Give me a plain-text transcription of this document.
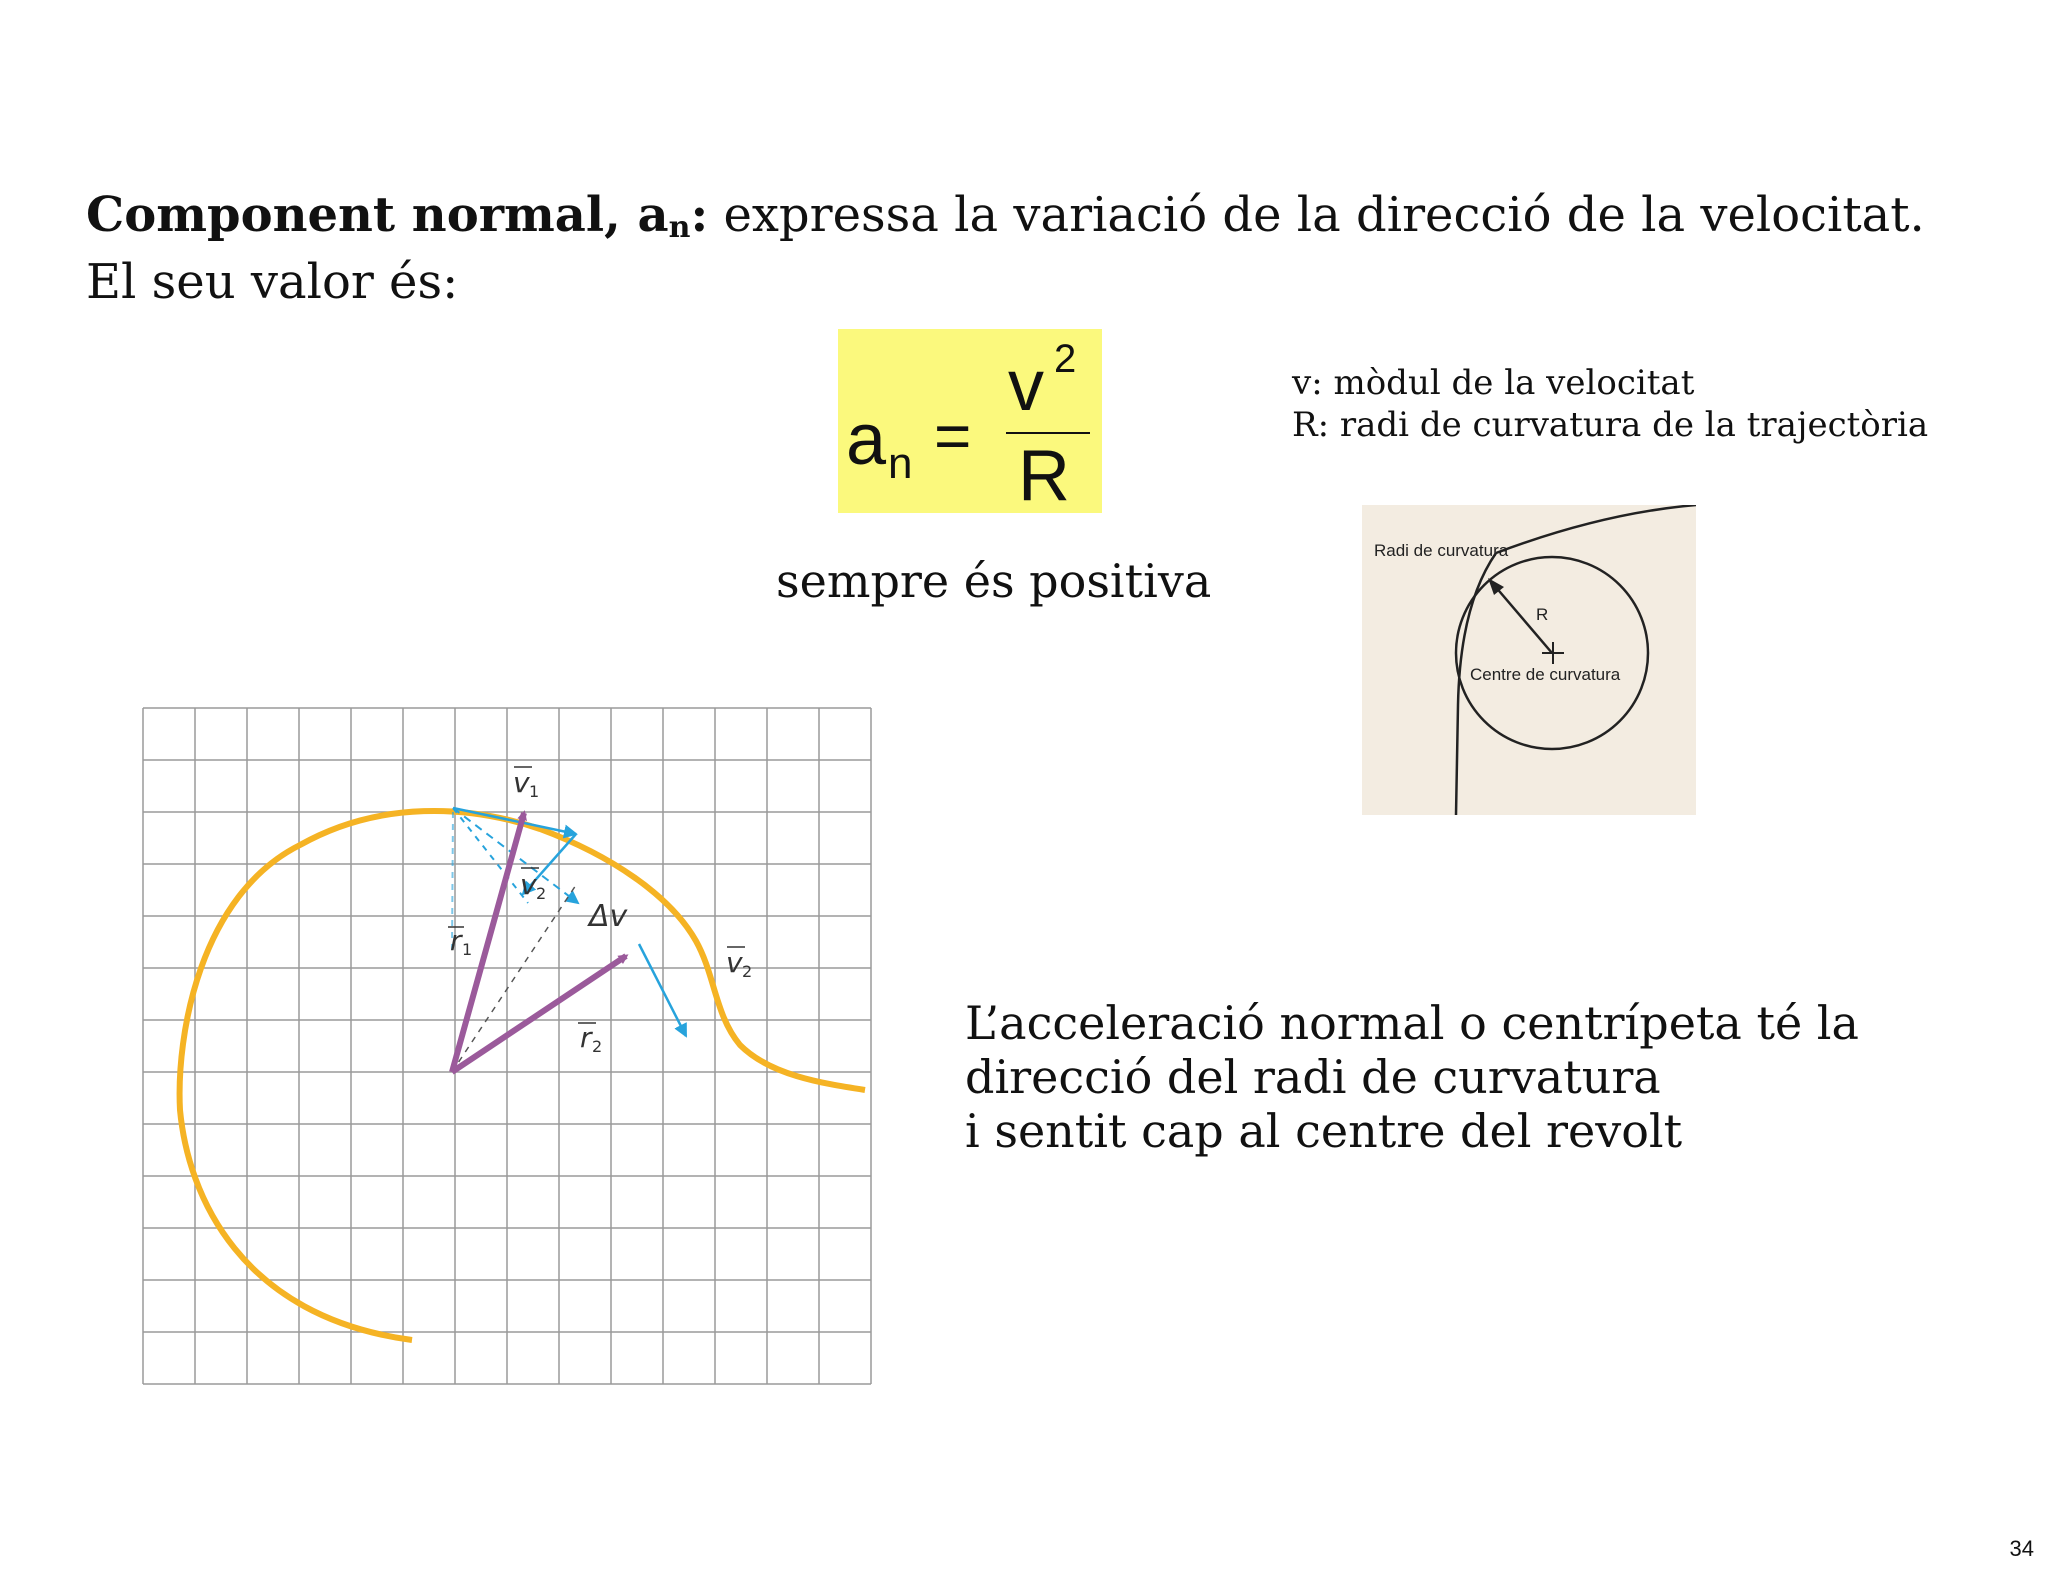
Component normal, $a_n$: expressa la variació de la direcció de la velocitat. El seu valor és:
a n =
v 2
R
v: mòdul de la velocitat
R: radi de curvatura de la trajectòria
sempre és positiva
Radi de curvatura
R
Centre de curvatura
v 1
v 2
Δv
r 1
r 2
v 2
L’acceleració normal o centrípeta té la
direcció del radi de curvatura
i sentit cap al centre del revolt
34
